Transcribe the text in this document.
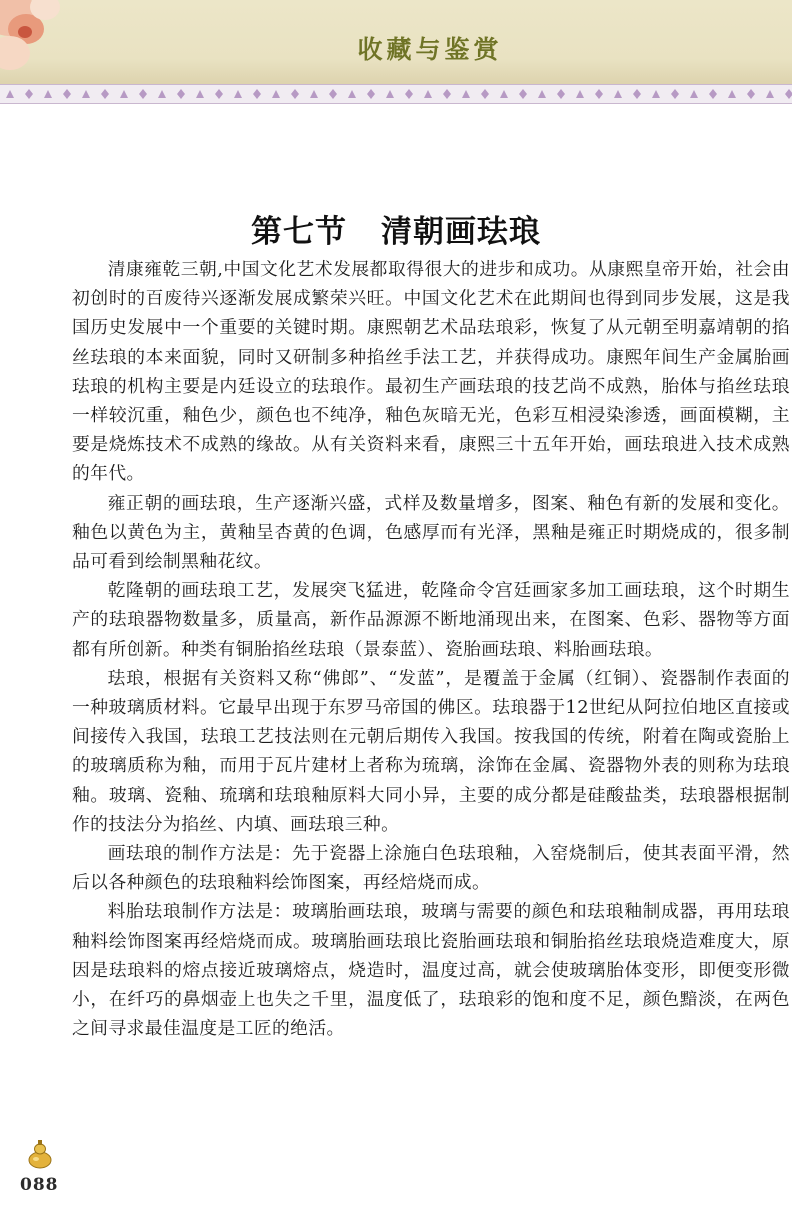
收藏与鉴赏
第七节 清朝画珐琅

清康雍乾三朝,中国文化艺术发展都取得很大的进步和成功。从康熙皇帝开始，社会由初创时的百废待兴逐渐发展成繁荣兴旺。中国文化艺术在此期间也得到同步发展，这是我国历史发展中一个重要的关键时期。康熙朝艺术品珐琅彩，恢复了从元朝至明嘉靖朝的掐丝珐琅的本来面貌，同时又研制多种掐丝手法工艺，并获得成功。康熙年间生产金属胎画珐琅的机构主要是内廷设立的珐琅作。最初生产画珐琅的技艺尚不成熟，胎体与掐丝珐琅一样较沉重，釉色少，颜色也不纯净，釉色灰暗无光，色彩互相浸染渗透，画面模糊，主要是烧炼技术不成熟的缘故。从有关资料来看，康熙三十五年开始，画珐琅进入技术成熟的年代。

雍正朝的画珐琅，生产逐渐兴盛，式样及数量增多，图案、釉色有新的发展和变化。釉色以黄色为主，黄釉呈杏黄的色调，色感厚而有光泽，黑釉是雍正时期烧成的，很多制品可看到绘制黑釉花纹。

乾隆朝的画珐琅工艺，发展突飞猛进，乾隆命令宫廷画家多加工画珐琅，这个时期生产的珐琅器物数量多，质量高，新作品源源不断地涌现出来，在图案、色彩、器物等方面都有所创新。种类有铜胎掐丝珐琅（景泰蓝）、瓷胎画珐琅、料胎画珐琅。

珐琅，根据有关资料又称“佛郎”、“发蓝”，是覆盖于金属（红铜）、瓷器制作表面的一种玻璃质材料。它最早出现于东罗马帝国的佛区。珐琅器于12世纪从阿拉伯地区直接或间接传入我国，珐琅工艺技法则在元朝后期传入我国。按我国的传统，附着在陶或瓷胎上的玻璃质称为釉，而用于瓦片建材上者称为琉璃，涂饰在金属、瓷器物外表的则称为珐琅釉。玻璃、瓷釉、琉璃和珐琅釉原料大同小异，主要的成分都是硅酸盐类，珐琅器根据制作的技法分为掐丝、内填、画珐琅三种。

画珐琅的制作方法是：先于瓷器上涂施白色珐琅釉，入窑烧制后，使其表面平滑，然后以各种颜色的珐琅釉料绘饰图案，再经焙烧而成。

料胎珐琅制作方法是：玻璃胎画珐琅，玻璃与需要的颜色和珐琅釉制成器，再用珐琅釉料绘饰图案再经焙烧而成。玻璃胎画珐琅比瓷胎画珐琅和铜胎掐丝珐琅烧造难度大，原因是珐琅料的熔点接近玻璃熔点，烧造时，温度过高，就会使玻璃胎体变形，即便变形微小，在纤巧的鼻烟壶上也失之千里，温度低了，珐琅彩的饱和度不足，颜色黯淡，在两色之间寻求最佳温度是工匠的绝活。

088
